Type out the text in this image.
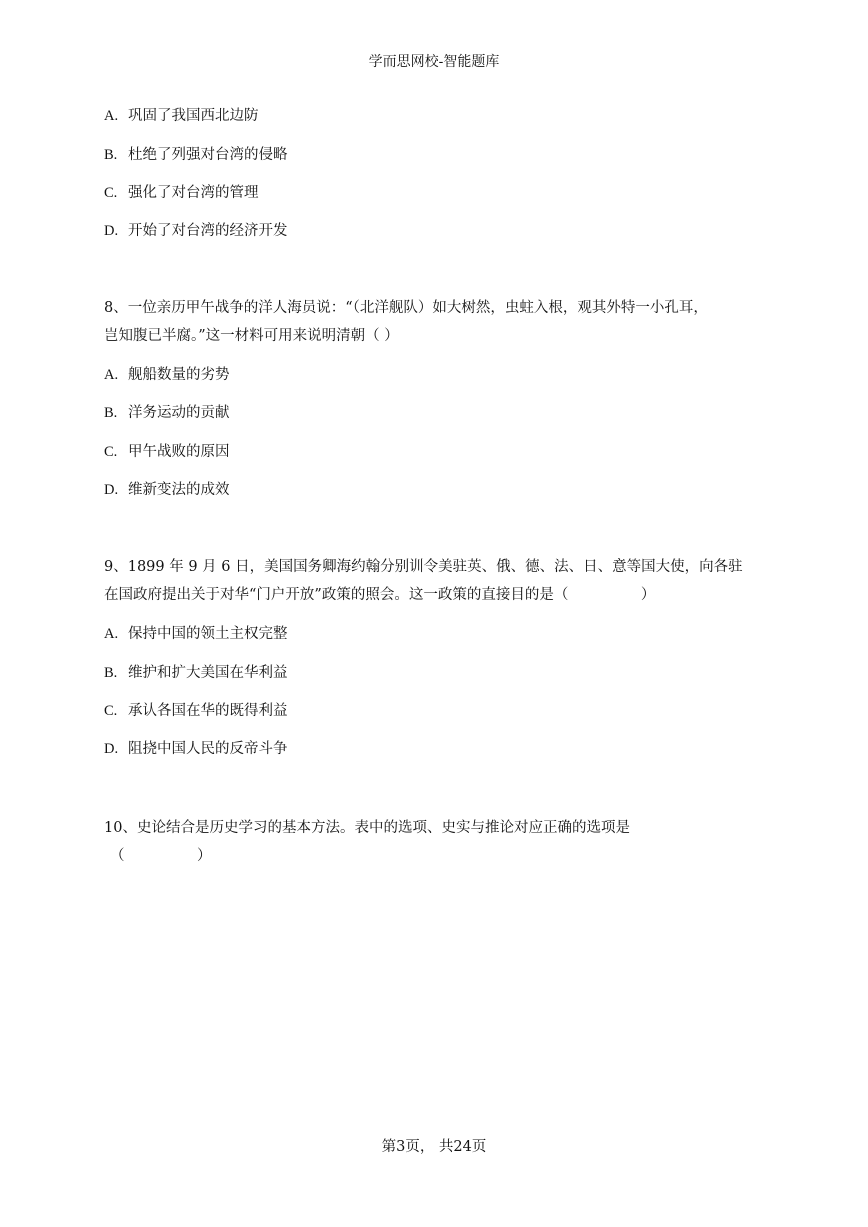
学而思网校-智能题库
A. 巩固了我国西北边防
B. 杜绝了列强对台湾的侵略
C. 强化了对台湾的管理
D. 开始了对台湾的经济开发
8、一位亲历甲午战争的洋人海员说：“（北洋舰队）如大树然，虫蛀入根，观其外特一小孔耳，
岂知腹已半腐。”这一材料可用来说明清朝（ ）
A. 舰船数量的劣势
B. 洋务运动的贡献
C. 甲午战败的原因
D. 维新变法的成效
9、1899 年 9 月 6 日，美国国务卿海约翰分别训令美驻英、俄、德、法、日、意等国大使，向各驻
在国政府提出关于对华“门户开放”政策的照会。这一政策的直接目的是（　　　　　）
A. 保持中国的领土主权完整
B. 维护和扩大美国在华利益
C. 承认各国在华的既得利益
D. 阻挠中国人民的反帝斗争
10、史论结合是历史学习的基本方法。表中的选项、史实与推论对应正确的选项是
（　　　　　）
第3页， 共24页
